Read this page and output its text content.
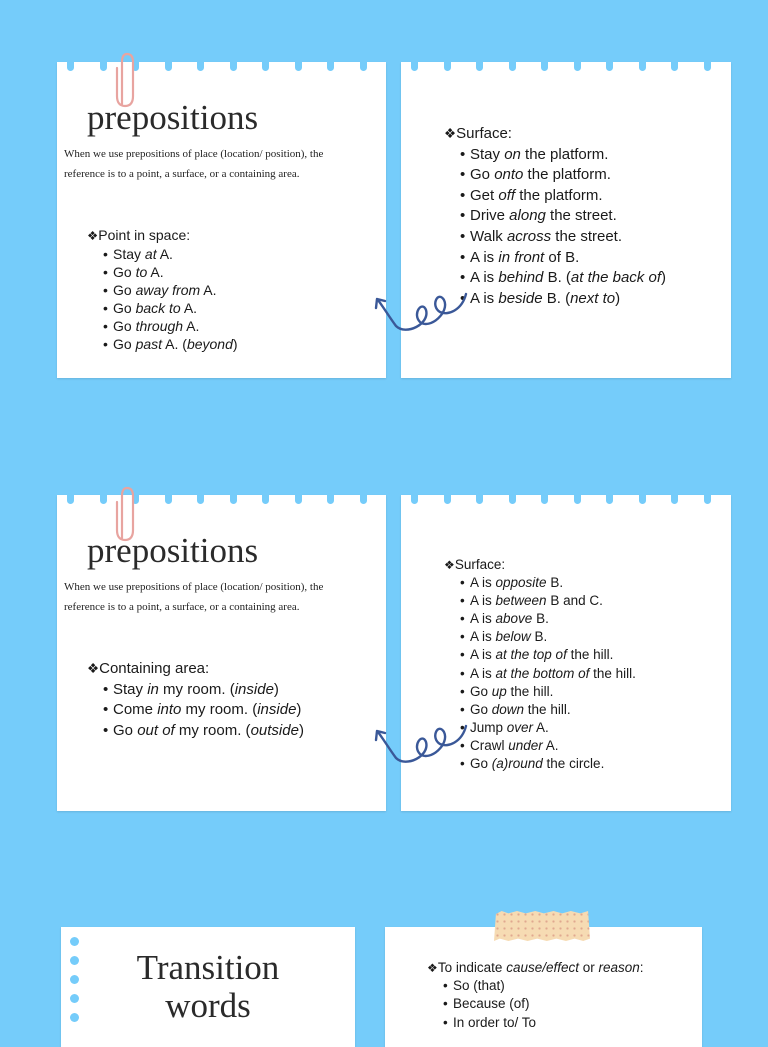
prepositions

When we use prepositions of place (location/ position), the
reference is to a point, a surface, or a containing area.

❖Point in space:
• Stay at A.
• Go to A.
• Go away from A.
• Go back to A.
• Go through A.
• Go past A. (beyond)
❖Surface:
• Stay on the platform.
• Go onto the platform.
• Get off the platform.
• Drive along the street.
• Walk across the street.
• A is in front of B.
• A is behind B. (at the back of)
• A is beside B. (next to)
prepositions

When we use prepositions of place (location/ position), the
reference is to a point, a surface, or a containing area.

❖Containing area:
• Stay in my room. (inside)
• Come into my room. (inside)
• Go out of my room. (outside)
❖Surface:
• A is opposite B.
• A is between B and C.
• A is above B.
• A is below B.
• A is at the top of the hill.
• A is at the bottom of the hill.
• Go up the hill.
• Go down the hill.
• Jump over A.
• Crawl under A.
• Go (a)round the circle.
Transition
words
❖To indicate cause/effect or reason:
• So (that)
• Because (of)
• In order to/ To
